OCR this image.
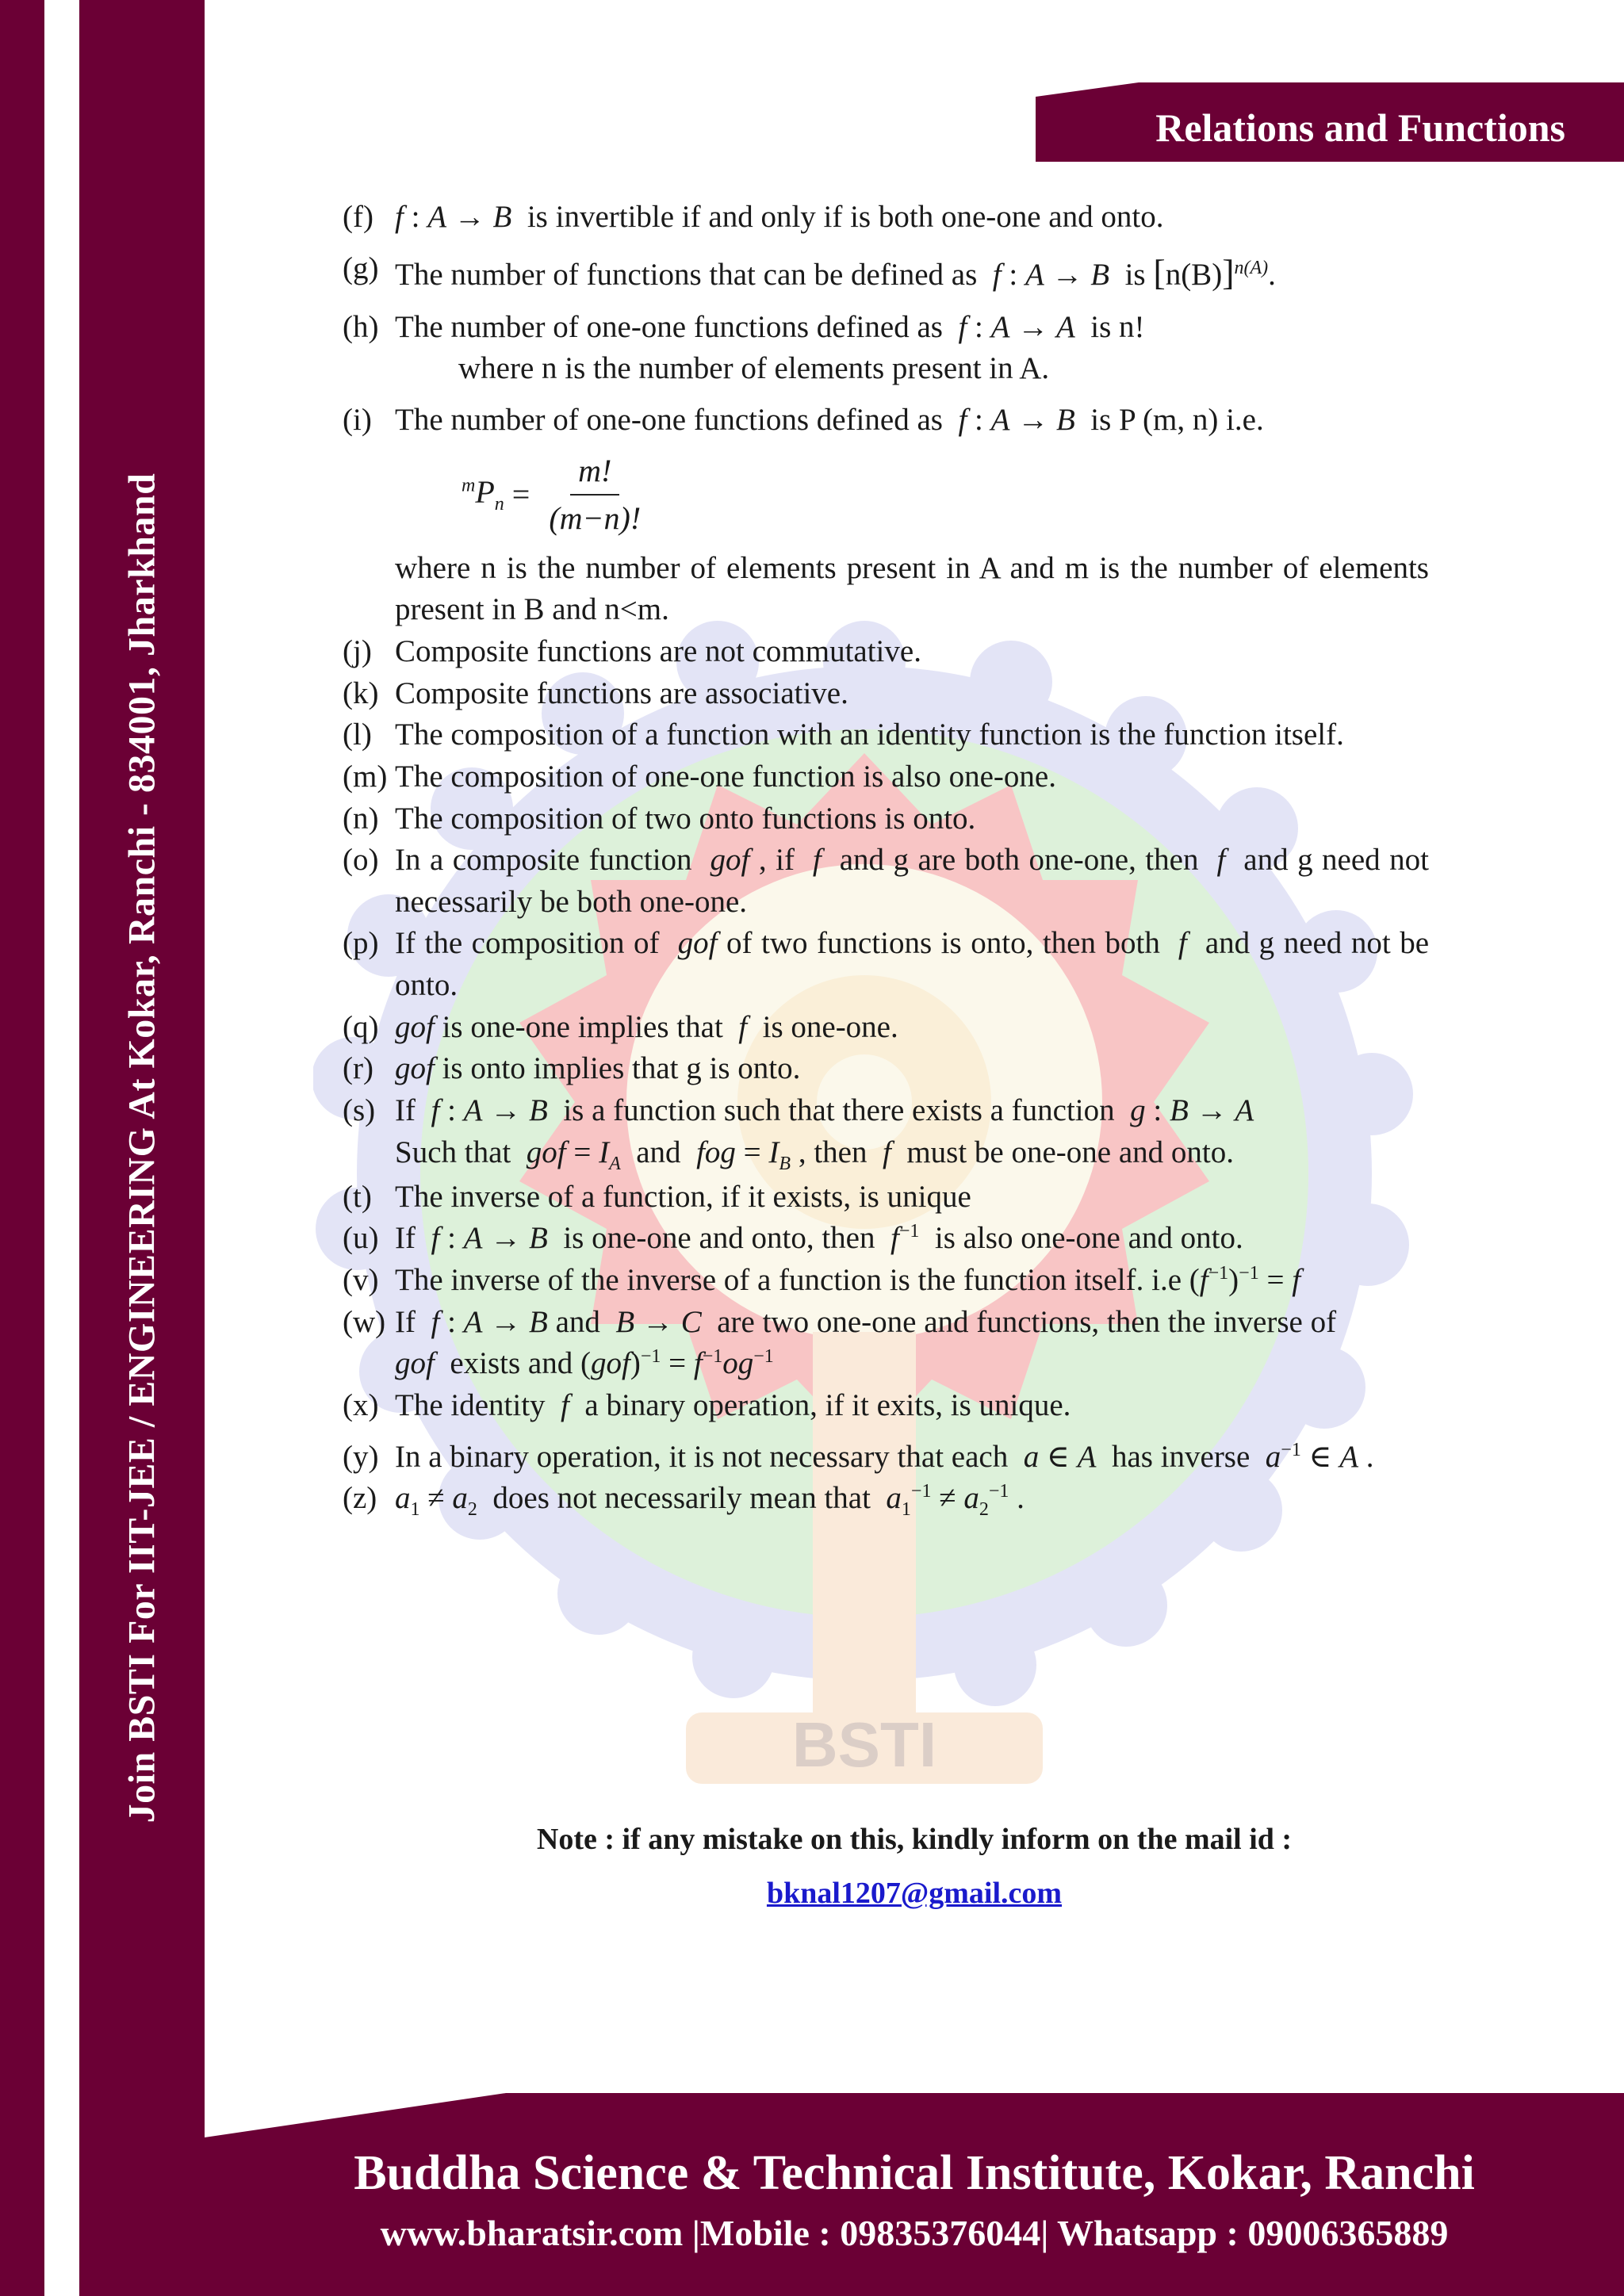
Join BSTI For IIT-JEE / ENGINEERING At Kokar, Ranchi - 834001, Jharkhand
Relations and Functions
BSTI
(f) f : A → B  is invertible if and only if is both one-one and onto.
(g) The number of functions that can be defined as  f : A → B  is $[n(B)]^{n(A)}$.
(h) The number of one-one functions defined as  f : A → A  is n!
where n is the number of elements present in A.
(i) The number of one-one functions defined as  f : A → B  is P (m, n) i.e.
$^mP_n = \frac{m!}{(m-n)!}$
where n is the number of elements present in A and m is the number of elements present in B and n<m.
(j) Composite functions are not commutative.
(k) Composite functions are associative.
(l) The composition of a function with an identity function is the function itself.
(m) The composition of one-one function is also one-one.
(n) The composition of two onto functions is onto.
(o) In a composite function  gof , if  f  and g are both one-one, then  f  and g need not necessarily be both one-one.
(p) If the composition of  gof of two functions is onto, then both  f  and g need not be onto.
(q) gof is one-one implies that  f  is one-one.
(r) gof is onto implies that g is onto.
(s) If  f : A → B  is a function such that there exists a function  g : B → A
Such that  gof = $I_A$  and  fog = $I_B$ , then  f  must be one-one and onto.
(t) The inverse of a function, if it exists, is unique
(u) If  f : A → B  is one-one and onto, then  $f^{-1}$  is also one-one and onto.
(v) The inverse of the inverse of a function is the function itself. i.e $(f^{-1})^{-1} = f$
(w) If  f : A → B and  B → C  are two one-one and functions, then the inverse of
gof  exists and $(gof)^{-1} = f^{-1}og^{-1}$
(x) The identity  f  a binary operation, if it exits, is unique.
(y) In a binary operation, it is not necessary that each  a ∈ A  has inverse  $a^{-1}$ ∈ A .
(z) $a_1 \ne a_2$  does not necessarily mean that  $a_1^{-1} \ne a_2^{-1}$ .
Note : if any mistake on this, kindly inform on the mail id :
bknal1207@gmail.com
Buddha Science & Technical Institute, Kokar, Ranchi
www.bharatsir.com |Mobile : 09835376044| Whatsapp : 09006365889
